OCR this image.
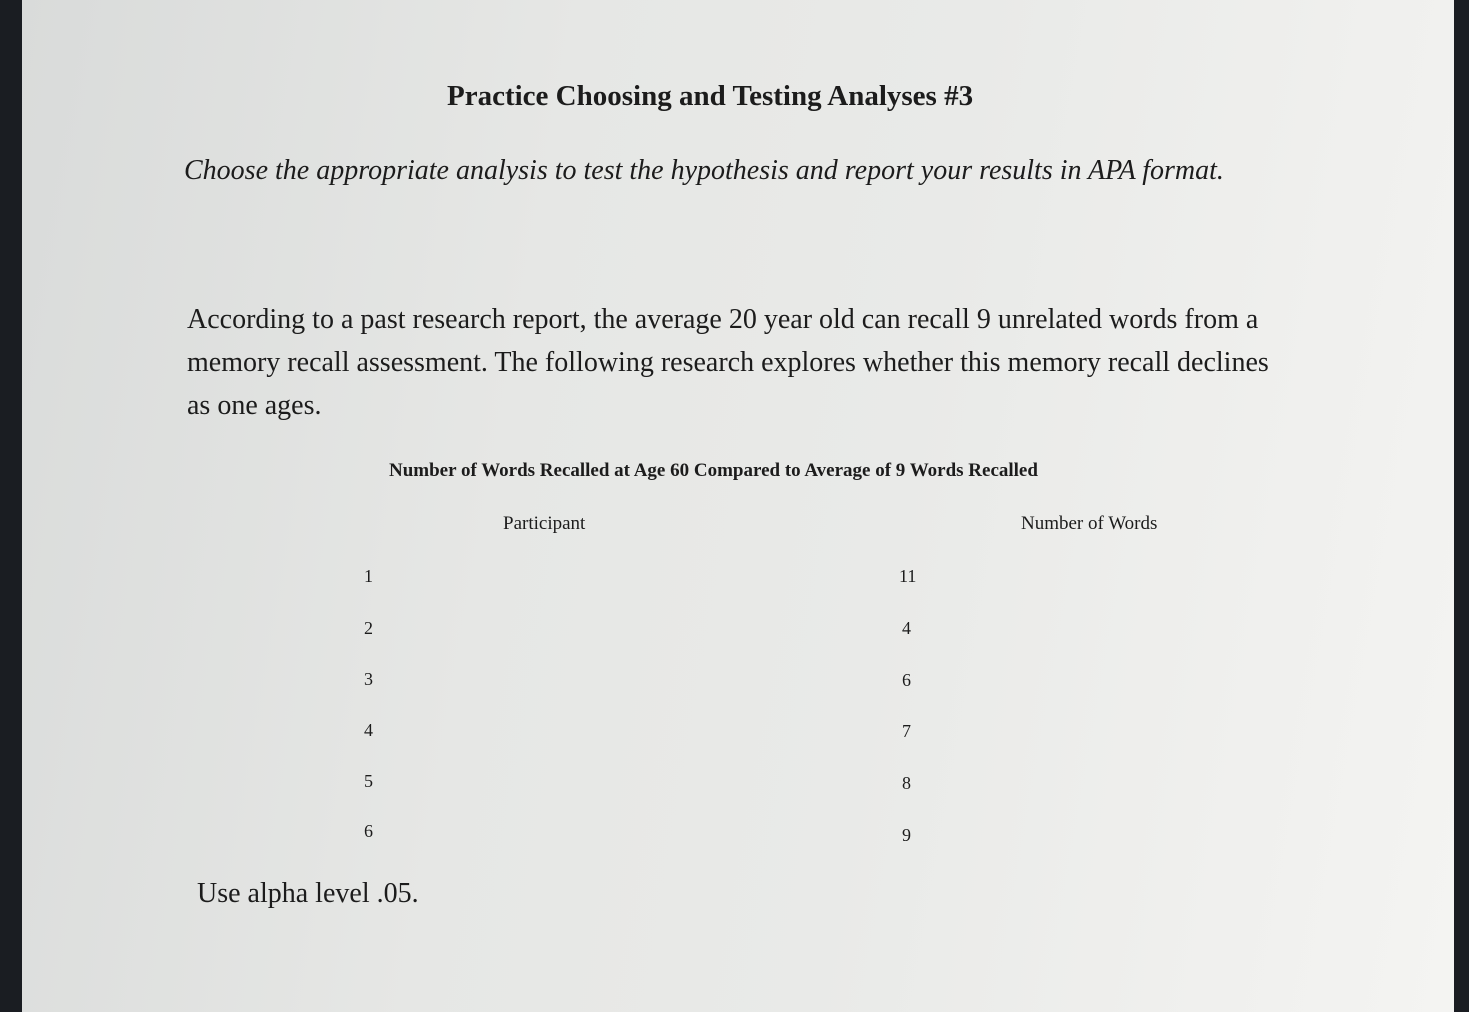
Practice Choosing and Testing Analyses #3
Choose the appropriate analysis to test the hypothesis and report your results in APA format.
According to a past research report, the average 20 year old can recall 9 unrelated words from a memory recall assessment. The following research explores whether this memory recall declines as one ages.
Number of Words Recalled at Age 60 Compared to Average of 9 Words Recalled
Participant	Number of Words
1	11
2	4
3	6
4	7
5	8
6	9
Use alpha level .05.
